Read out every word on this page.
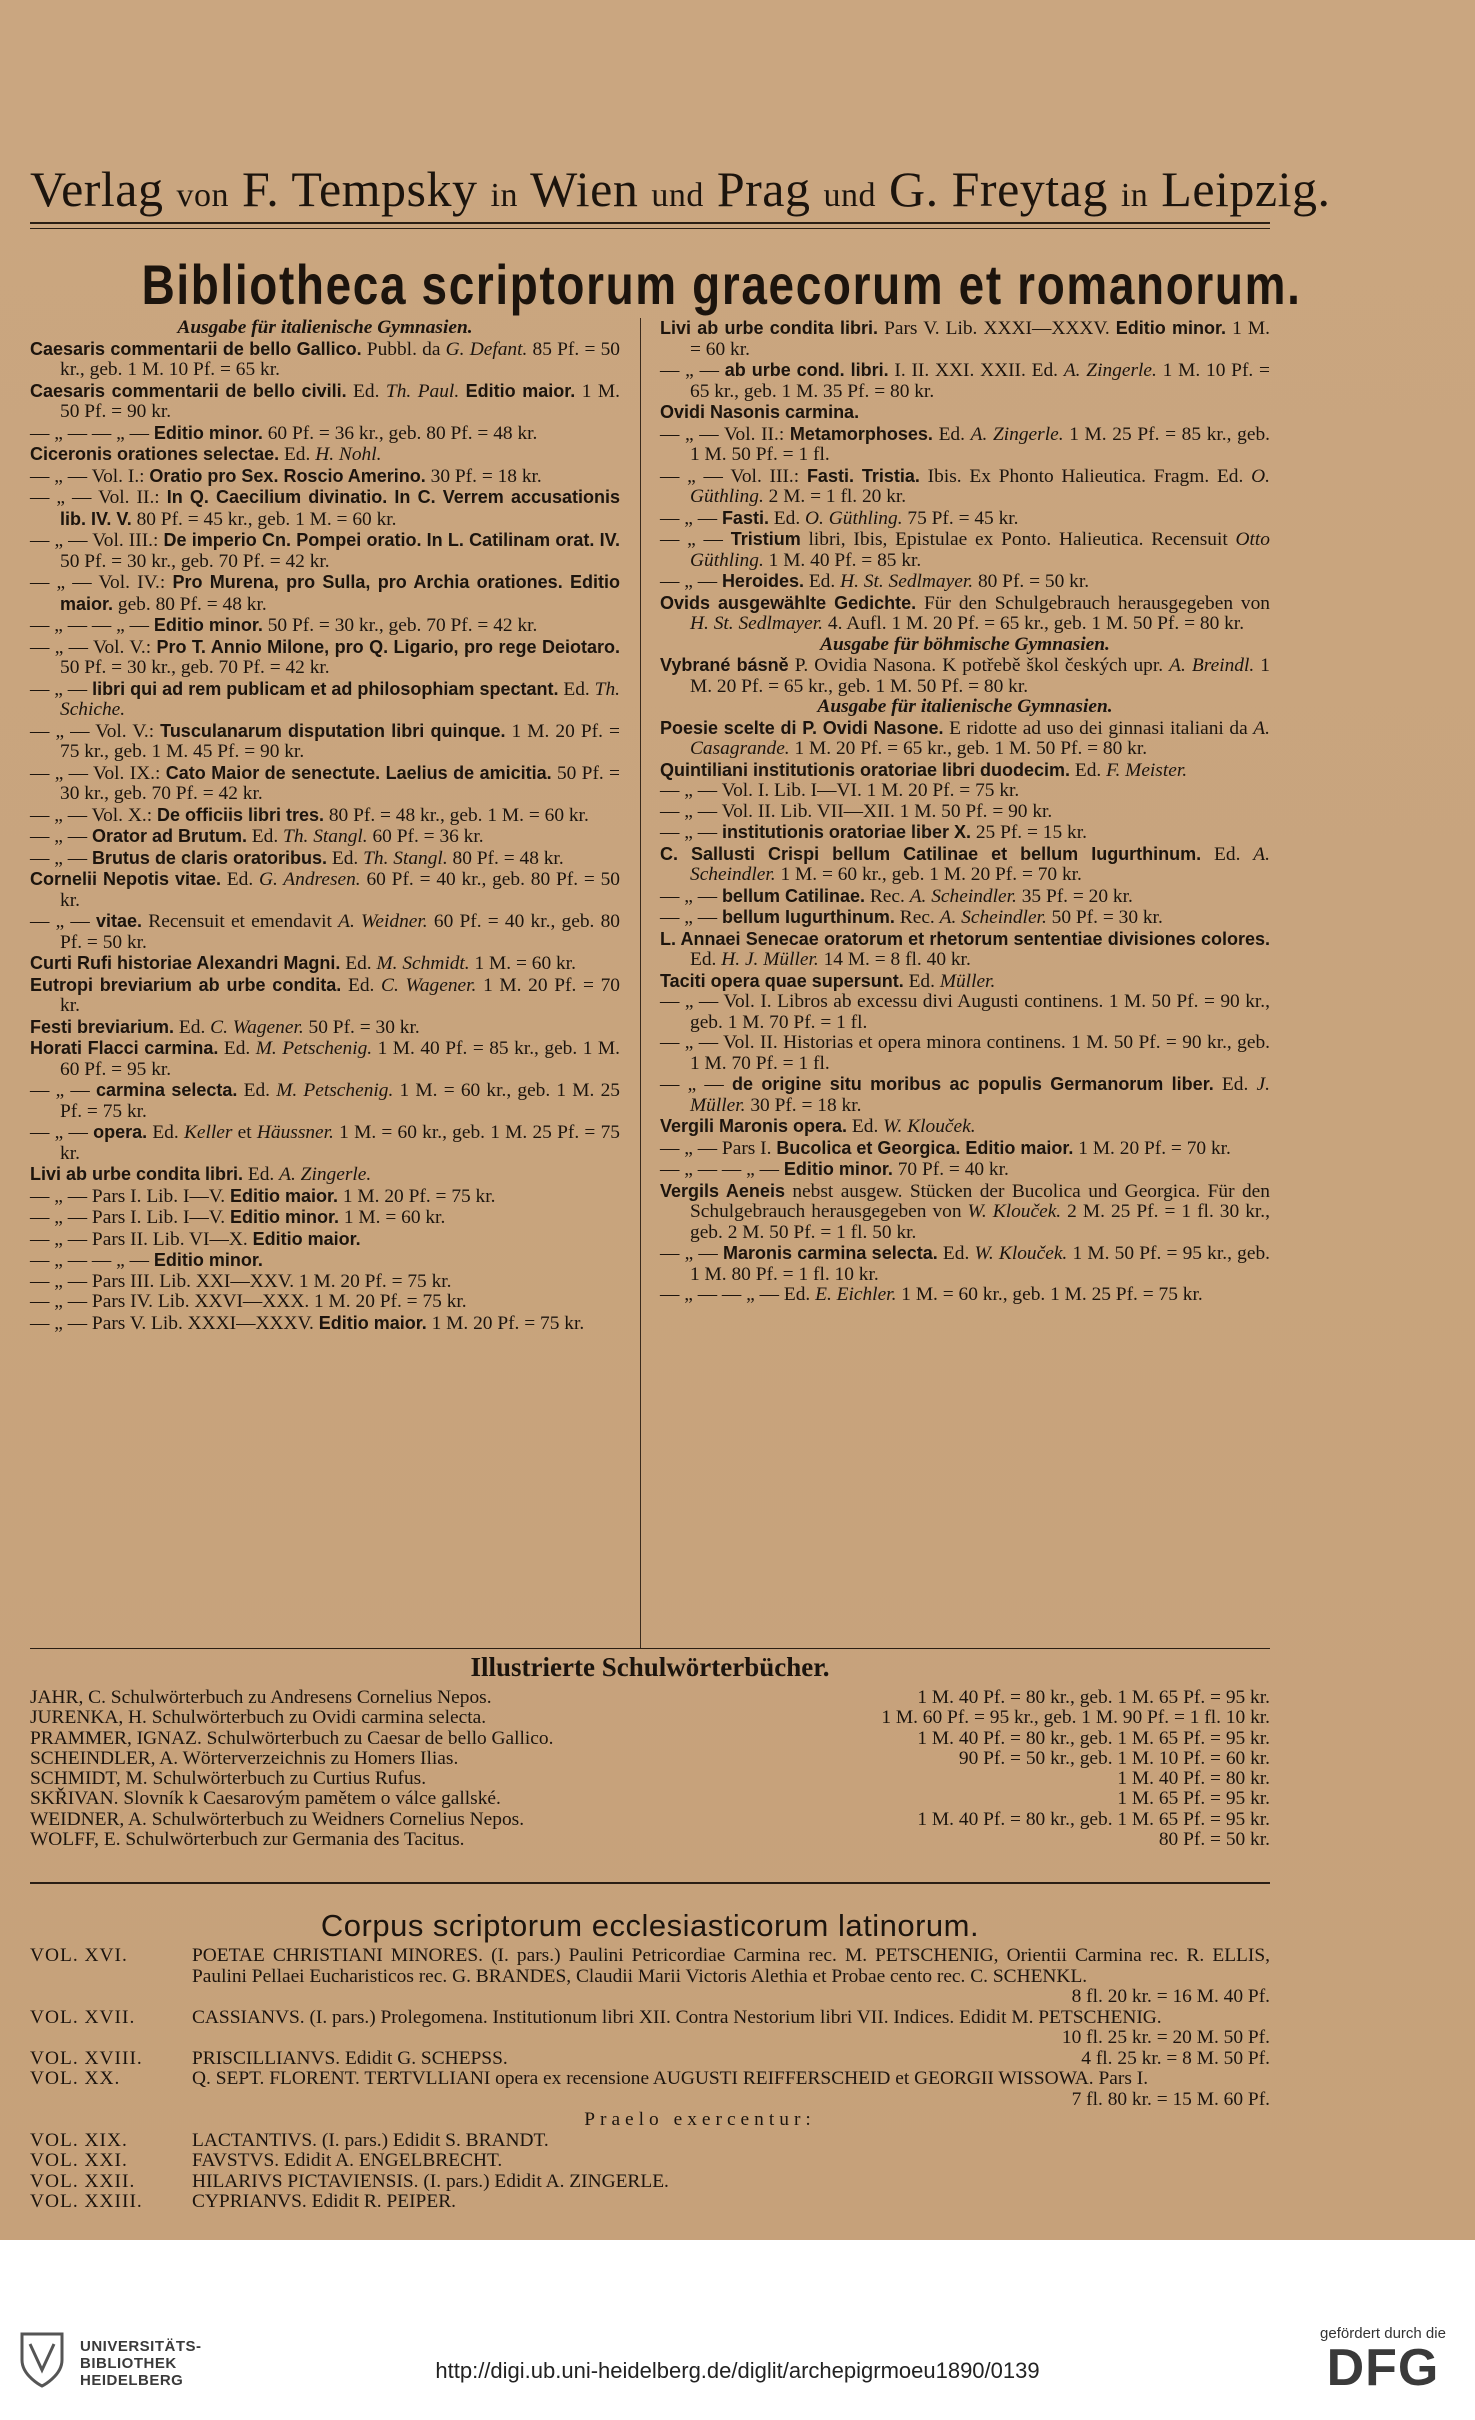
Verlag von F. Tempsky in Wien und Prag und G. Freytag in Leipzig.
Bibliotheca scriptorum graecorum et romanorum.

Ausgabe für italienische Gymnasien.

Caesaris commentarii de bello Gallico. Pubbl. da G. Defant. 85 Pf. = 50 kr., geb. 1 M. 10 Pf. = 65 kr.

Caesaris commentarii de bello civili. Ed. Th. Paul. Editio maior. 1 M. 50 Pf. = 90 kr.

— „ — — „ — Editio minor. 60 Pf. = 36 kr., geb. 80 Pf. = 48 kr.

Ciceronis orationes selectae. Ed. H. Nohl.

— „ — Vol. I.: Oratio pro Sex. Roscio Amerino. 30 Pf. = 18 kr.

— „ — Vol. II.: In Q. Caecilium divinatio. In C. Verrem accusationis lib. IV. V. 80 Pf. = 45 kr., geb. 1 M. = 60 kr.

— „ — Vol. III.: De imperio Cn. Pompei oratio. In L. Catilinam orat. IV. 50 Pf. = 30 kr., geb. 70 Pf. = 42 kr.

— „ — Vol. IV.: Pro Murena, pro Sulla, pro Archia orationes. Editio maior. geb. 80 Pf. = 48 kr.

— „ — — „ — Editio minor. 50 Pf. = 30 kr., geb. 70 Pf. = 42 kr.

— „ — Vol. V.: Pro T. Annio Milone, pro Q. Ligario, pro rege Deiotaro. 50 Pf. = 30 kr., geb. 70 Pf. = 42 kr.

— „ — libri qui ad rem publicam et ad philosophiam spectant. Ed. Th. Schiche.

— „ — Vol. V.: Tusculanarum disputation libri quinque. 1 M. 20 Pf. = 75 kr., geb. 1 M. 45 Pf. = 90 kr.

— „ — Vol. IX.: Cato Maior de senectute. Laelius de amicitia. 50 Pf. = 30 kr., geb. 70 Pf. = 42 kr.

— „ — Vol. X.: De officiis libri tres. 80 Pf. = 48 kr., geb. 1 M. = 60 kr.

— „ — Orator ad Brutum. Ed. Th. Stangl. 60 Pf. = 36 kr.

— „ — Brutus de claris oratoribus. Ed. Th. Stangl. 80 Pf. = 48 kr.

Cornelii Nepotis vitae. Ed. G. Andresen. 60 Pf. = 40 kr., geb. 80 Pf. = 50 kr.

— „ — vitae. Recensuit et emendavit A. Weidner. 60 Pf. = 40 kr., geb. 80 Pf. = 50 kr.

Curti Rufi historiae Alexandri Magni. Ed. M. Schmidt. 1 M. = 60 kr.

Eutropi breviarium ab urbe condita. Ed. C. Wagener. 1 M. 20 Pf. = 70 kr.

Festi breviarium. Ed. C. Wagener. 50 Pf. = 30 kr.

Horati Flacci carmina. Ed. M. Petschenig. 1 M. 40 Pf. = 85 kr., geb. 1 M. 60 Pf. = 95 kr.

— „ — carmina selecta. Ed. M. Petschenig. 1 M. = 60 kr., geb. 1 M. 25 Pf. = 75 kr.

— „ — opera. Ed. Keller et Häussner. 1 M. = 60 kr., geb. 1 M. 25 Pf. = 75 kr.

Livi ab urbe condita libri. Ed. A. Zingerle.

— „ — Pars I. Lib. I—V. Editio maior. 1 M. 20 Pf. = 75 kr.

— „ — Pars I. Lib. I—V. Editio minor. 1 M. = 60 kr.

— „ — Pars II. Lib. VI—X. Editio maior.

— „ — — „ — Editio minor.

— „ — Pars III. Lib. XXI—XXV. 1 M. 20 Pf. = 75 kr.

— „ — Pars IV. Lib. XXVI—XXX. 1 M. 20 Pf. = 75 kr.

— „ — Pars V. Lib. XXXI—XXXV. Editio maior. 1 M. 20 Pf. = 75 kr.

Livi ab urbe condita libri. Pars V. Lib. XXXI—XXXV. Editio minor. 1 M. = 60 kr.

— „ — ab urbe cond. libri. I. II. XXI. XXII. Ed. A. Zingerle. 1 M. 10 Pf. = 65 kr., geb. 1 M. 35 Pf. = 80 kr.

Ovidi Nasonis carmina.

— „ — Vol. II.: Metamorphoses. Ed. A. Zingerle. 1 M. 25 Pf. = 85 kr., geb. 1 M. 50 Pf. = 1 fl.

— „ — Vol. III.: Fasti. Tristia. Ibis. Ex Phonto Halieutica. Fragm. Ed. O. Güthling. 2 M. = 1 fl. 20 kr.

— „ — Fasti. Ed. O. Güthling. 75 Pf. = 45 kr.

— „ — Tristium libri, Ibis, Epistulae ex Ponto. Halieutica. Recensuit Otto Güthling. 1 M. 40 Pf. = 85 kr.

— „ — Heroides. Ed. H. St. Sedlmayer. 80 Pf. = 50 kr.

Ovids ausgewählte Gedichte. Für den Schulgebrauch herausgegeben von H. St. Sedlmayer. 4. Aufl. 1 M. 20 Pf. = 65 kr., geb. 1 M. 50 Pf. = 80 kr.

Ausgabe für böhmische Gymnasien.

Vybrané básně P. Ovidia Nasona. K potřebě škol českých upr. A. Breindl. 1 M. 20 Pf. = 65 kr., geb. 1 M. 50 Pf. = 80 kr.

Ausgabe für italienische Gymnasien.

Poesie scelte di P. Ovidi Nasone. E ridotte ad uso dei ginnasi italiani da A. Casagrande. 1 M. 20 Pf. = 65 kr., geb. 1 M. 50 Pf. = 80 kr.

Quintiliani institutionis oratoriae libri duodecim. Ed. F. Meister.

— „ — Vol. I. Lib. I—VI. 1 M. 20 Pf. = 75 kr.

— „ — Vol. II. Lib. VII—XII. 1 M. 50 Pf. = 90 kr.

— „ — institutionis oratoriae liber X. 25 Pf. = 15 kr.

C. Sallusti Crispi bellum Catilinae et bellum Iugurthinum. Ed. A. Scheindler. 1 M. = 60 kr., geb. 1 M. 20 Pf. = 70 kr.

— „ — bellum Catilinae. Rec. A. Scheindler. 35 Pf. = 20 kr.

— „ — bellum Iugurthinum. Rec. A. Scheindler. 50 Pf. = 30 kr.

L. Annaei Senecae oratorum et rhetorum sententiae divisiones colores. Ed. H. J. Müller. 14 M. = 8 fl. 40 kr.

Taciti opera quae supersunt. Ed. Müller.

— „ — Vol. I. Libros ab excessu divi Augusti continens. 1 M. 50 Pf. = 90 kr., geb. 1 M. 70 Pf. = 1 fl.

— „ — Vol. II. Historias et opera minora continens. 1 M. 50 Pf. = 90 kr., geb. 1 M. 70 Pf. = 1 fl.

— „ — de origine situ moribus ac populis Germanorum liber. Ed. J. Müller. 30 Pf. = 18 kr.

Vergili Maronis opera. Ed. W. Klouček.

— „ — Pars I. Bucolica et Georgica. Editio maior. 1 M. 20 Pf. = 70 kr.

— „ — — „ — Editio minor. 70 Pf. = 40 kr.

Vergils Aeneis nebst ausgew. Stücken der Bucolica und Georgica. Für den Schulgebrauch herausgegeben von W. Klouček. 2 M. 25 Pf. = 1 fl. 30 kr., geb. 2 M. 50 Pf. = 1 fl. 50 kr.

— „ — Maronis carmina selecta. Ed. W. Klouček. 1 M. 50 Pf. = 95 kr., geb. 1 M. 80 Pf. = 1 fl. 10 kr.

— „ — — „ — Ed. E. Eichler. 1 M. = 60 kr., geb. 1 M. 25 Pf. = 75 kr.

Illustrierte Schulwörterbücher.
JAHR, C. Schulwörterbuch zu Andresens Cornelius Nepos.	1 M. 40 Pf. = 80 kr., geb. 1 M. 65 Pf. = 95 kr.
JURENKA, H. Schulwörterbuch zu Ovidi carmina selecta.	1 M. 60 Pf. = 95 kr., geb. 1 M. 90 Pf. = 1 fl. 10 kr.
PRAMMER, IGNAZ. Schulwörterbuch zu Caesar de bello Gallico.	1 M. 40 Pf. = 80 kr., geb. 1 M. 65 Pf. = 95 kr.
SCHEINDLER, A. Wörterverzeichnis zu Homers Ilias.	90 Pf. = 50 kr., geb. 1 M. 10 Pf. = 60 kr.
SCHMIDT, M. Schulwörterbuch zu Curtius Rufus.	1 M. 40 Pf. = 80 kr.
SKŘIVAN. Slovník k Caesarovým pamětem o válce gallské.	1 M. 65 Pf. = 95 kr.
WEIDNER, A. Schulwörterbuch zu Weidners Cornelius Nepos.	1 M. 40 Pf. = 80 kr., geb. 1 M. 65 Pf. = 95 kr.
WOLFF, E. Schulwörterbuch zur Germania des Tacitus.	80 Pf. = 50 kr.
Corpus scriptorum ecclesiasticorum latinorum.
VOL. XVI.	POETAE CHRISTIANI MINORES. (I. pars.) Paulini Petricordiae Carmina rec. M. PETSCHENIG, Orientii Carmina rec. R. ELLIS, Paulini Pellaei Eucharisticos rec. G. BRANDES, Claudii Marii Victoris Alethia et Probae cento rec. C. SCHENKL.
8 fl. 20 kr. = 16 M. 40 Pf.
VOL. XVII.	CASSIANVS. (I. pars.) Prolegomena. Institutionum libri XII. Contra Nestorium libri VII. Indices. Edidit M. PETSCHENIG.
10 fl. 25 kr. = 20 M. 50 Pf.
VOL. XVIII.	PRISCILLIANVS. Edidit G. SCHEPSS.	4 fl. 25 kr. = 8 M. 50 Pf.
VOL. XX.	Q. SEPT. FLORENT. TERTVLLIANI opera ex recensione AUGUSTI REIFFERSCHEID et GEORGII WISSOWA. Pars I.
7 fl. 80 kr. = 15 M. 60 Pf.
Praelo exercentur:
VOL. XIX.	LACTANTIVS. (I. pars.) Edidit S. BRANDT.
VOL. XXI.	FAVSTVS. Edidit A. ENGELBRECHT.
VOL. XXII.	HILARIVS PICTAVIENSIS. (I. pars.) Edidit A. ZINGERLE.
VOL. XXIII.	CYPRIANVS. Edidit R. PEIPER.
UNIVERSITÄTS-
BIBLIOTHEK
HEIDELBERG	http://digi.ub.uni-heidelberg.de/diglit/archepigrmoeu1890/0139
gefördert durch die
DFG
